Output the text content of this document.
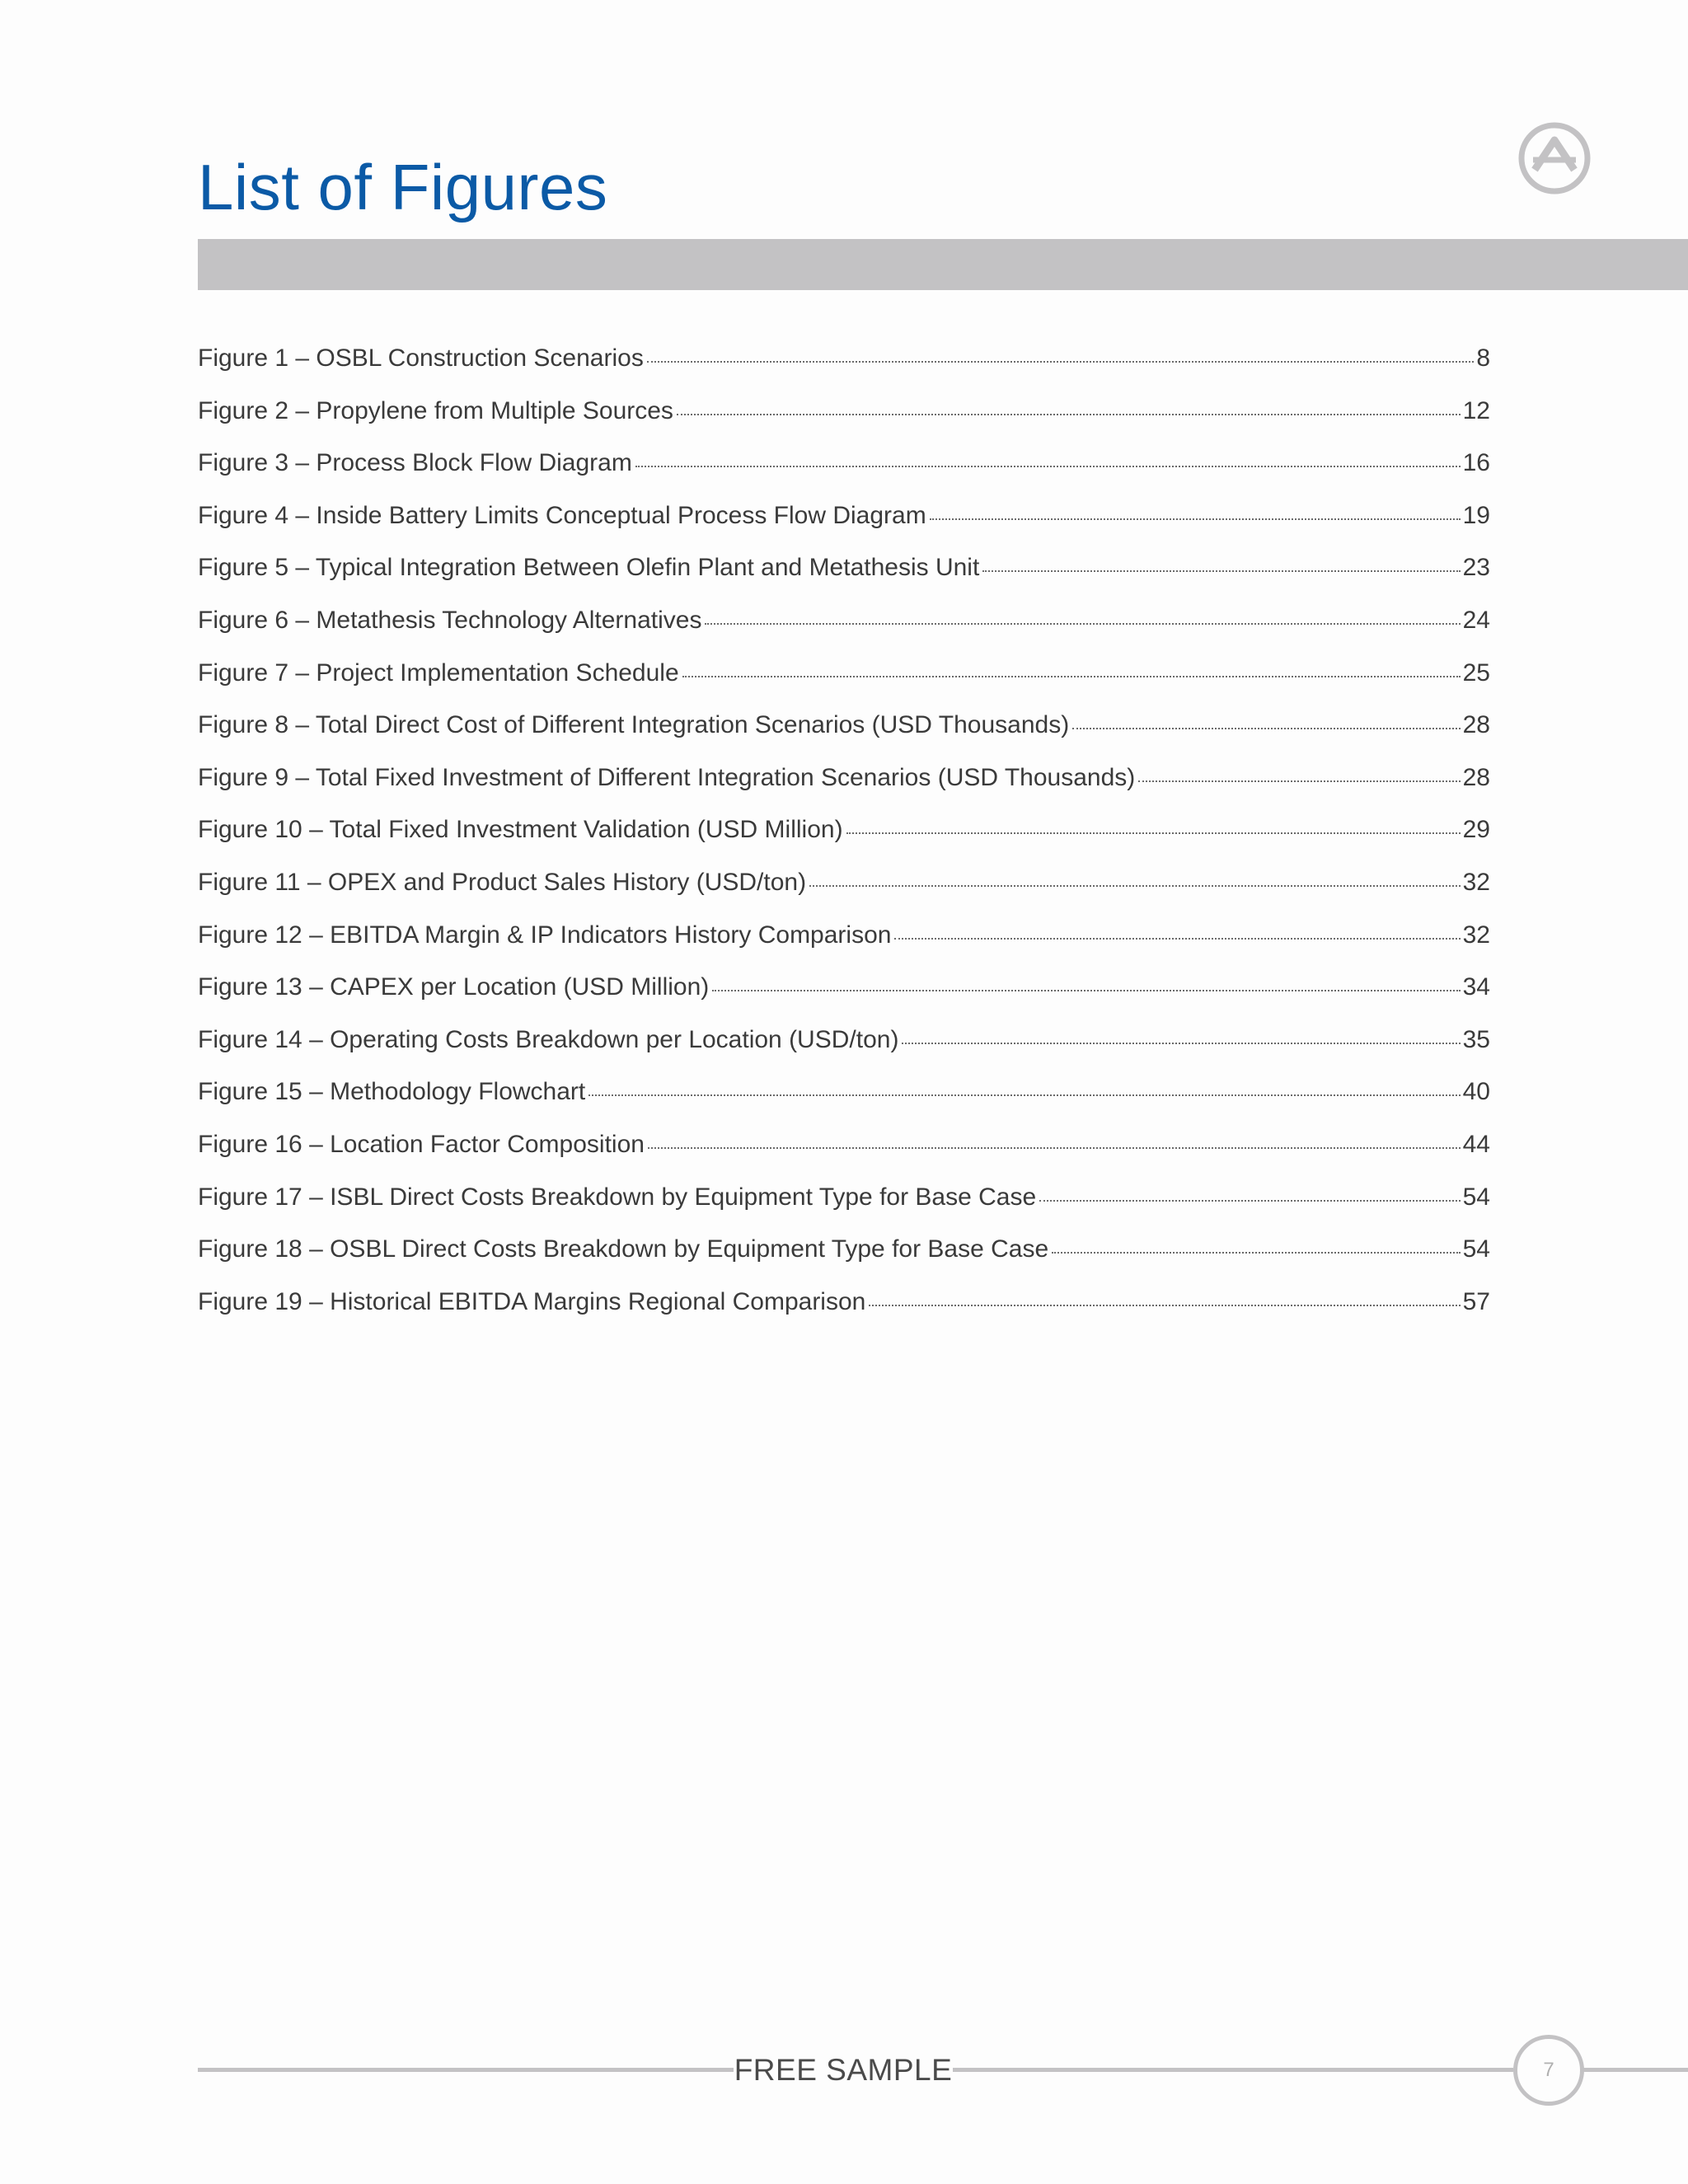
List of Figures
Figure 1 – OSBL Construction Scenarios	8
Figure 2 – Propylene from Multiple Sources	12
Figure 3 – Process Block Flow Diagram	16
Figure 4 – Inside Battery Limits Conceptual Process Flow Diagram	19
Figure 5 – Typical Integration Between Olefin Plant and Metathesis Unit	23
Figure 6 – Metathesis Technology Alternatives	24
Figure 7 – Project Implementation Schedule	25
Figure 8 – Total Direct Cost of Different Integration Scenarios (USD Thousands)	28
Figure 9 – Total Fixed Investment of Different Integration Scenarios (USD Thousands)	28
Figure 10 – Total Fixed Investment Validation (USD Million)	29
Figure 11 – OPEX and Product Sales History (USD/ton)	32
Figure 12 – EBITDA Margin & IP Indicators History Comparison	32
Figure 13 – CAPEX per Location (USD Million)	34
Figure 14 – Operating Costs Breakdown per Location (USD/ton)	35
Figure 15 – Methodology Flowchart	40
Figure 16 – Location Factor Composition	44
Figure 17 – ISBL Direct Costs Breakdown by Equipment Type for Base Case	54
Figure 18 – OSBL Direct Costs Breakdown by Equipment Type for Base Case	54
Figure 19 – Historical EBITDA Margins Regional Comparison	57
FREE SAMPLE	7
